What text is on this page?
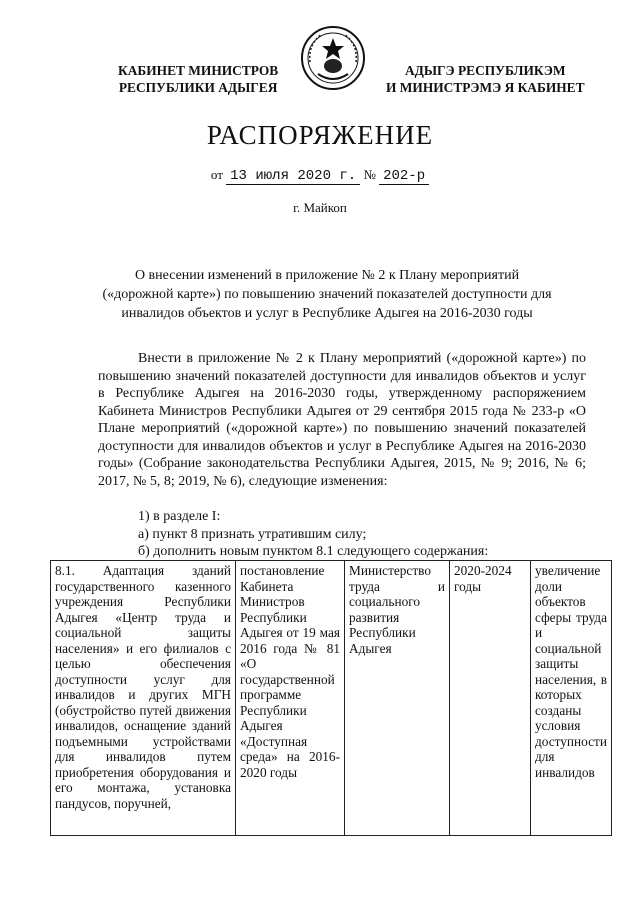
КАБИНЕТ МИНИСТРОВ
РЕСПУБЛИКИ АДЫГЕЯ
АДЫГЭ РЕСПУБЛИКЭМ
И МИНИСТРЭМЭ Я КАБИНЕТ
РАСПОРЯЖЕНИЕ
от 13 июля 2020 г. № 202-р
г. Майкоп
О внесении изменений в приложение № 2 к Плану мероприятий
(«дорожной карте») по повышению значений показателей доступности для
инвалидов объектов и услуг в Республике Адыгея на 2016-2030 годы
Внести в приложение № 2 к Плану мероприятий («дорожной карте») по повышению значений показателей доступности для инвалидов объектов и услуг в Республике Адыгея на 2016-2030 годы, утвержденному распоряжением Кабинета Министров Республики Адыгея от 29 сентября 2015 года № 233-р «О Плане мероприятий («дорожной карте») по повышению значений показателей доступности для инвалидов объектов и услуг в Республике Адыгея на 2016-2030 годы» (Собрание законодательства Республики Адыгея, 2015, № 9; 2016, № 6; 2017, № 5, 8; 2019, № 6), следующие изменения:
1) в разделе I:
а) пункт 8 признать утратившим силу;
б) дополнить новым пунктом 8.1 следующего содержания:
8.1. Адаптация зданий государственного казенного учреждения Республики Адыгея «Центр труда и социальной защиты населения» и его филиалов с целью обеспечения доступности услуг для инвалидов и других МГН (обустройство путей движения инвалидов, оснащение зданий подъемными устройствами для инвалидов путем приобретения оборудования и его монтажа, установка пандусов, поручней,	постановление Кабинета Министров Республики Адыгея от 19 мая 2016 года № 81 «О государственной программе Республики Адыгея «Доступная среда» на 2016-2020 годы	Министерство труда и социального развития Республики Адыгея	2020-2024 годы	увеличение доли объектов сферы труда и социальной защиты населения, в которых созданы условия доступности для инвалидов
